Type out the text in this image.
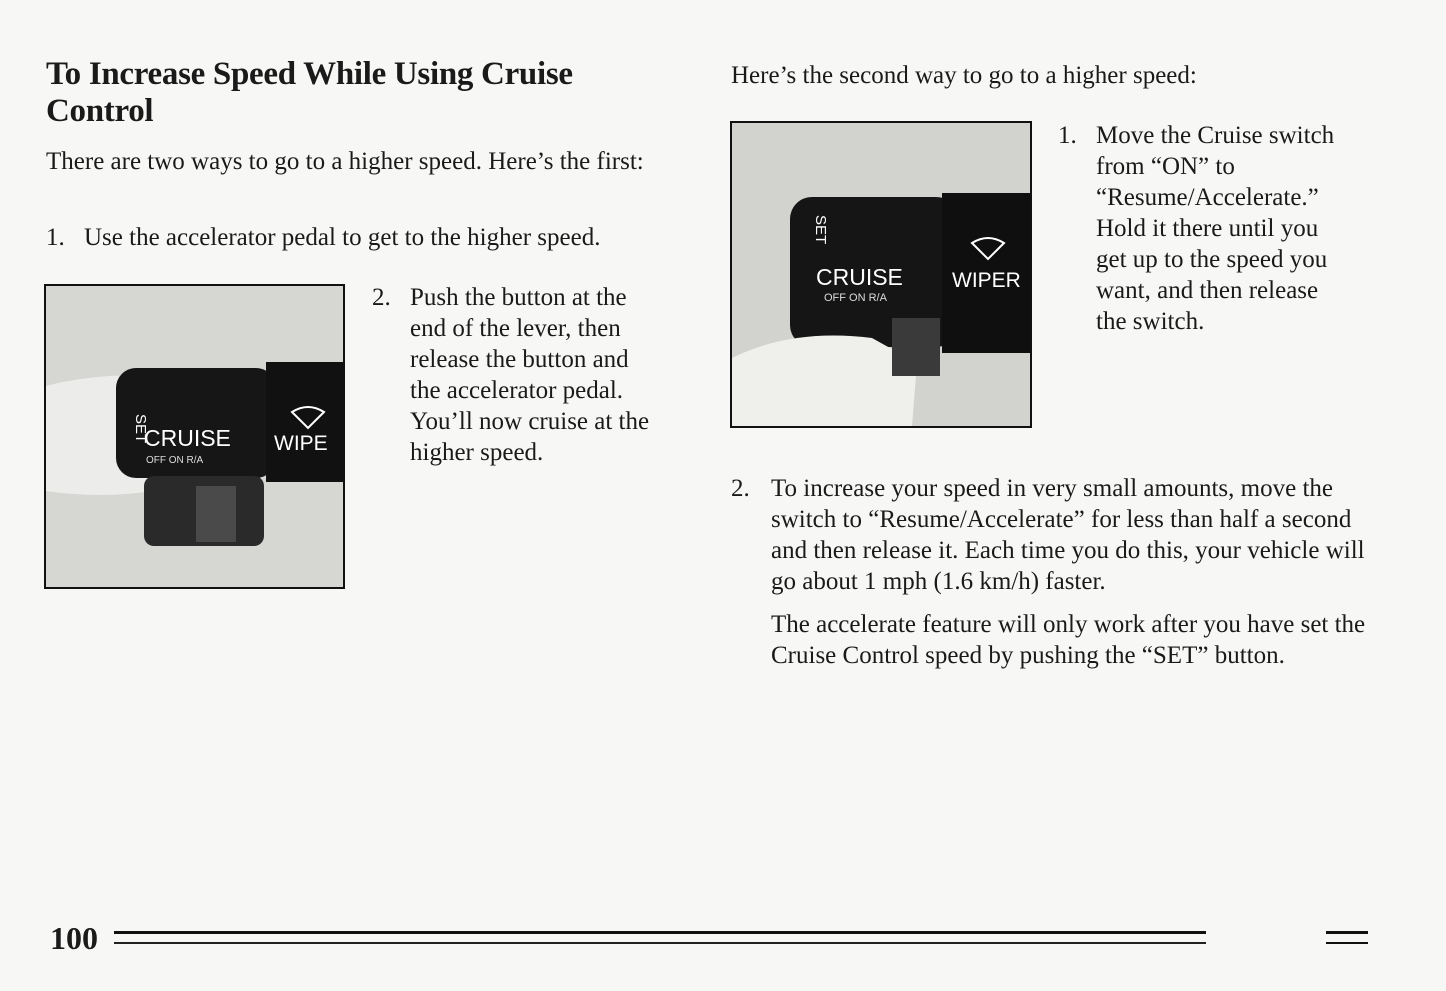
To Increase Speed While Using Cruise Control

There are two ways to go to a higher speed. Here’s the first:

1. Use the accelerator pedal to get to the higher speed.

SET
CRUISE
OFF ON R/A
WIPE
2. Push the button at the end of the lever, then release the button and the accelerator pedal. You’ll now cruise at the higher speed.

Here’s the second way to go to a higher speed:

SET
CRUISE
OFF ON R/A
WIPER
1. Move the Cruise switch from “ON” to “Resume/Accelerate.” Hold it there until you get up to the speed you want, and then release the switch.

2. To increase your speed in very small amounts, move the switch to “Resume/Accelerate” for less than half a second and then release it. Each time you do this, your vehicle will go about 1 mph (1.6 km/h) faster.

The accelerate feature will only work after you have set the Cruise Control speed by pushing the “SET” button.

100
